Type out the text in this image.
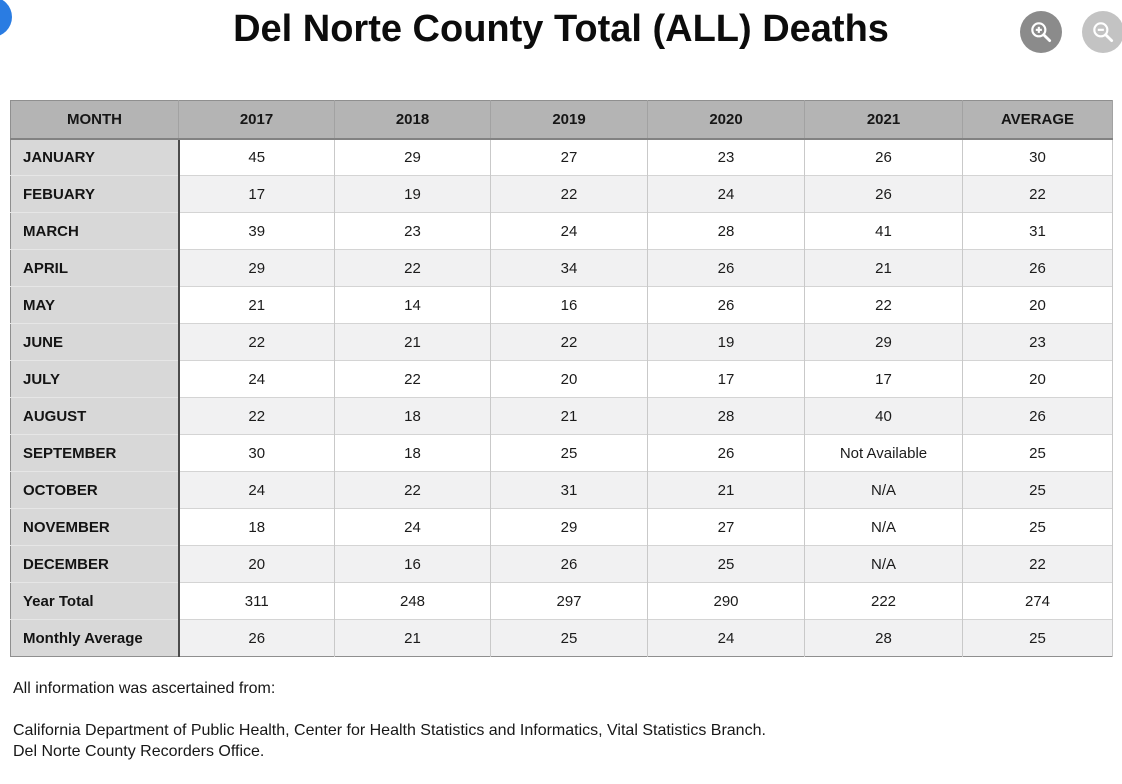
Del Norte County Total (ALL) Deaths
MONTH	2017	2018	2019	2020	2021	AVERAGE
JANUARY	45	29	27	23	26	30
FEBUARY	17	19	22	24	26	22
MARCH	39	23	24	28	41	31
APRIL	29	22	34	26	21	26
MAY	21	14	16	26	22	20
JUNE	22	21	22	19	29	23
JULY	24	22	20	17	17	20
AUGUST	22	18	21	28	40	26
SEPTEMBER	30	18	25	26	Not Available	25
OCTOBER	24	22	31	21	N/A	25
NOVEMBER	18	24	29	27	N/A	25
DECEMBER	20	16	26	25	N/A	22
Year Total	311	248	297	290	222	274
Monthly Average	26	21	25	24	28	25

All information was ascertained from:

California Department of Public Health, Center for Health Statistics and Informatics, Vital Statistics Branch.
Del Norte County Recorders Office.
